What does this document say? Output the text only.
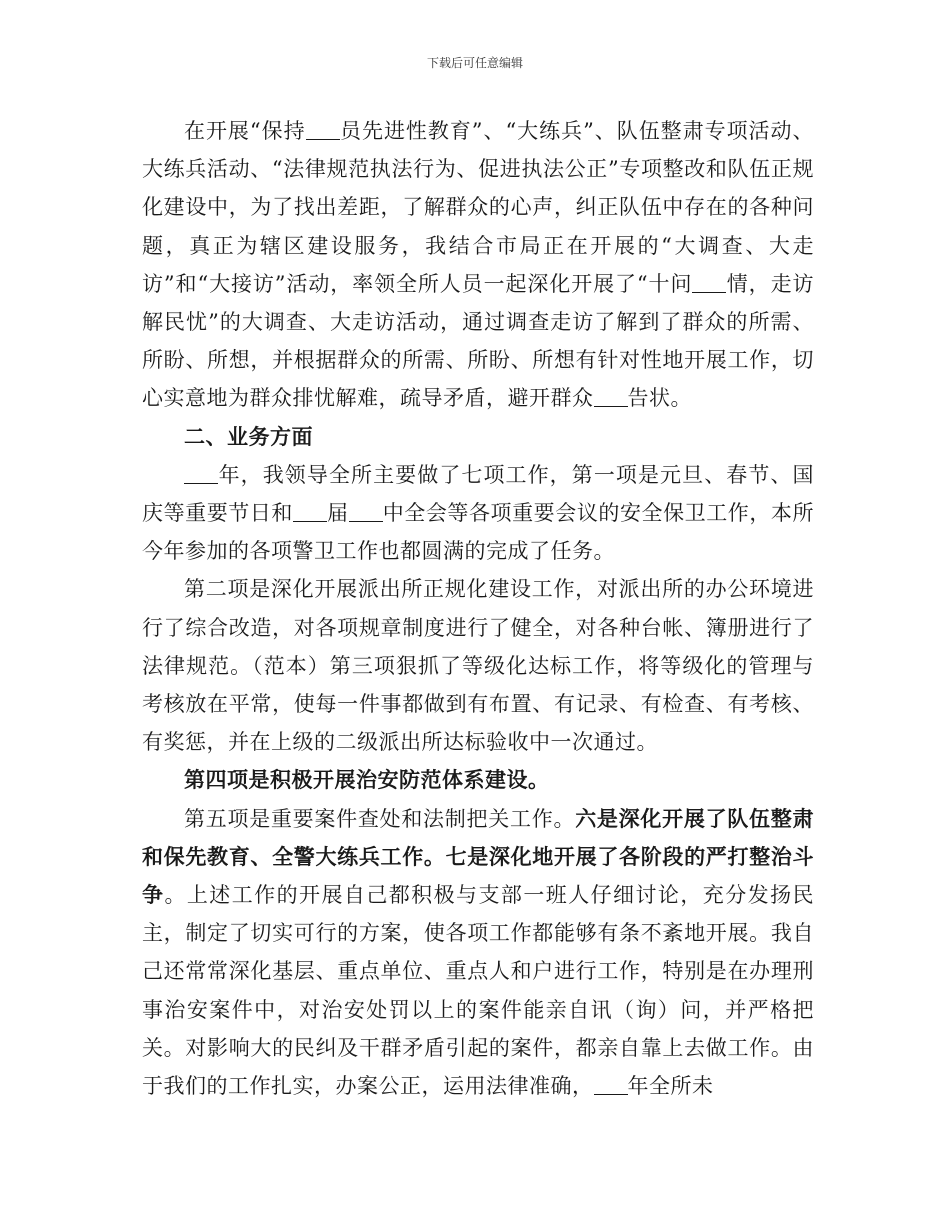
下载后可任意编辑

在开展“保持 员先进性教育”、“大练兵”、队伍整肃专项活动、大练兵活动、“法律规范执法行为、促进执法公正”专项整改和队伍正规化建设中，为了找出差距，了解群众的心声，纠正队伍中存在的各种问题，真正为辖区建设服务，我结合市局正在开展的“大调查、大走访”和“大接访”活动，率领全所人员一起深化开展了“十问 情，走访解民忧”的大调查、大走访活动，通过调查走访了解到了群众的所需、所盼、所想，并根据群众的所需、所盼、所想有针对性地开展工作，切心实意地为群众排忧解难，疏导矛盾，避开群众 告状。

二、业务方面

年，我领导全所主要做了七项工作，第一项是元旦、春节、国庆等重要节日和 届 中全会等各项重要会议的安全保卫工作，本所今年参加的各项警卫工作也都圆满的完成了任务。

第二项是深化开展派出所正规化建设工作，对派出所的办公环境进行了综合改造，对各项规章制度进行了健全，对各种台帐、簿册进行了法律规范。（范本）第三项狠抓了等级化达标工作，将等级化的管理与考核放在平常，使每一件事都做到有布置、有记录、有检查、有考核、有奖惩，并在上级的二级派出所达标验收中一次通过。

第四项是积极开展治安防范体系建设。

第五项是重要案件查处和法制把关工作。六是深化开展了队伍整肃和保先教育、全警大练兵工作。七是深化地开展了各阶段的严打整治斗争。上述工作的开展自己都积极与支部一班人仔细讨论，充分发扬民主，制定了切实可行的方案，使各项工作都能够有条不紊地开展。我自己还常常深化基层、重点单位、重点人和户进行工作，特别是在办理刑事治安案件中，对治安处罚以上的案件能亲自讯（询）问，并严格把关。对影响大的民纠及干群矛盾引起的案件，都亲自靠上去做工作。由于我们的工作扎实，办案公正，运用法律准确， 年全所未
